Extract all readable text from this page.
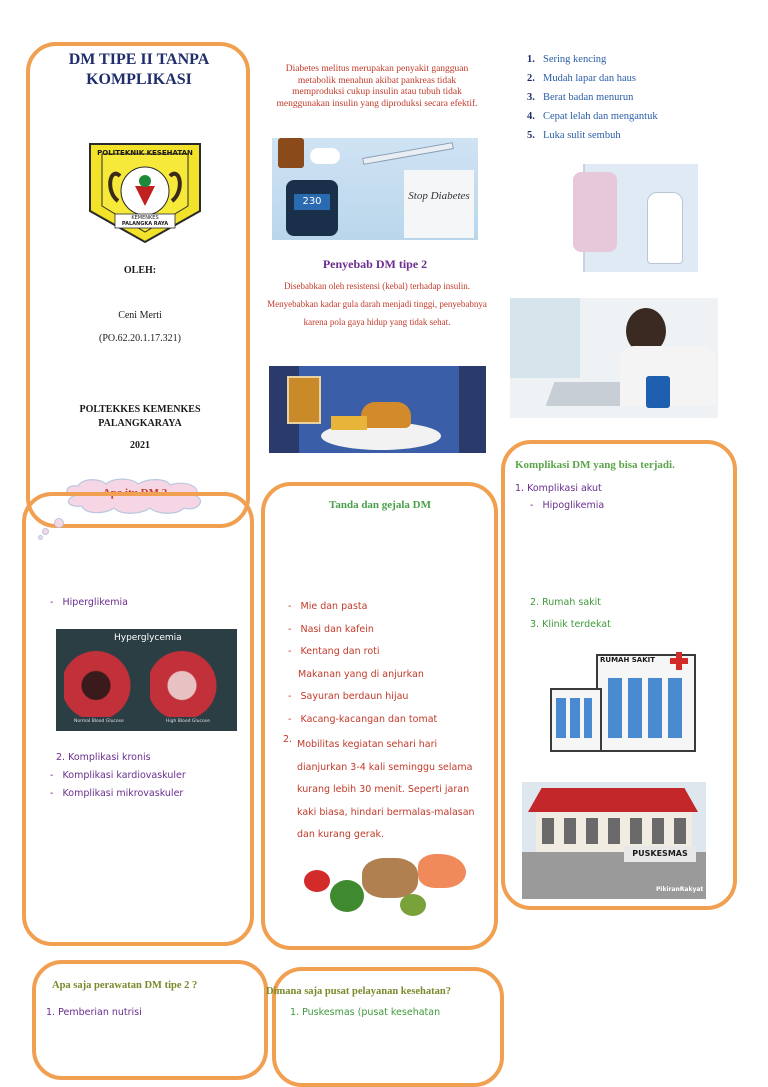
DM TIPE II TANPA KOMPLIKASI
POLITEKNIK KESEHATAN
KEMENKES
PALANGKA RAYA
OLEH:
Ceni Merti
(PO.62.20.1.17.321)
POLTEKKES KEMENKES PALANGKARAYA
2021
Apa itu DM ?
Diabetes melitus merupakan penyakit gangguan metabolik menahun akibat pankreas tidak memproduksi cukup insulin atau tubuh tidak menggunakan insulin yang diproduksi secara efektif.
230	Stop Diabetes
Penyebab DM tipe 2
Disebabkan oleh resistensi (kebal) terhadap insulin. Menyebabkan kadar gula darah menjadi tinggi, penyebabnya karena pola gaya hidup yang tidak sehat.
1. Sering kencing
2. Mudah lapar dan haus
3. Berat badan menurun
4. Cepat lelah dan mengantuk
5. Luka sulit sembuh
Komplikasi DM yang bisa terjadi.
1. Komplikasi akut
-   Hipoglikemia
2. Rumah sakit
3. Klinik terdekat
RUMAH SAKIT
PUSKESMAS
PikiranRakyat
-   Hiperglikemia
Hyperglycemia
Normal Blood Glucose	High Blood Glucose
2. Komplikasi kronis
-   Komplikasi kardiovaskuler
-   Komplikasi mikrovaskuler
Tanda dan gejala DM
-   Mie dan pasta
-   Nasi dan kafein
-   Kentang dan roti
Makanan yang di anjurkan
-   Sayuran berdaun hijau
-   Kacang-kacangan dan tomat
2. Mobilitas kegiatan sehari hari dianjurkan 3-4 kali seminggu selama kurang lebih 30 menit. Seperti jaran kaki biasa, hindari bermalas-malasan dan kurang gerak.
Apa saja perawatan DM tipe 2 ?
1. Pemberian nutrisi
Dimana saja pusat pelayanan kesehatan?
1. Puskesmas (pusat kesehatan
